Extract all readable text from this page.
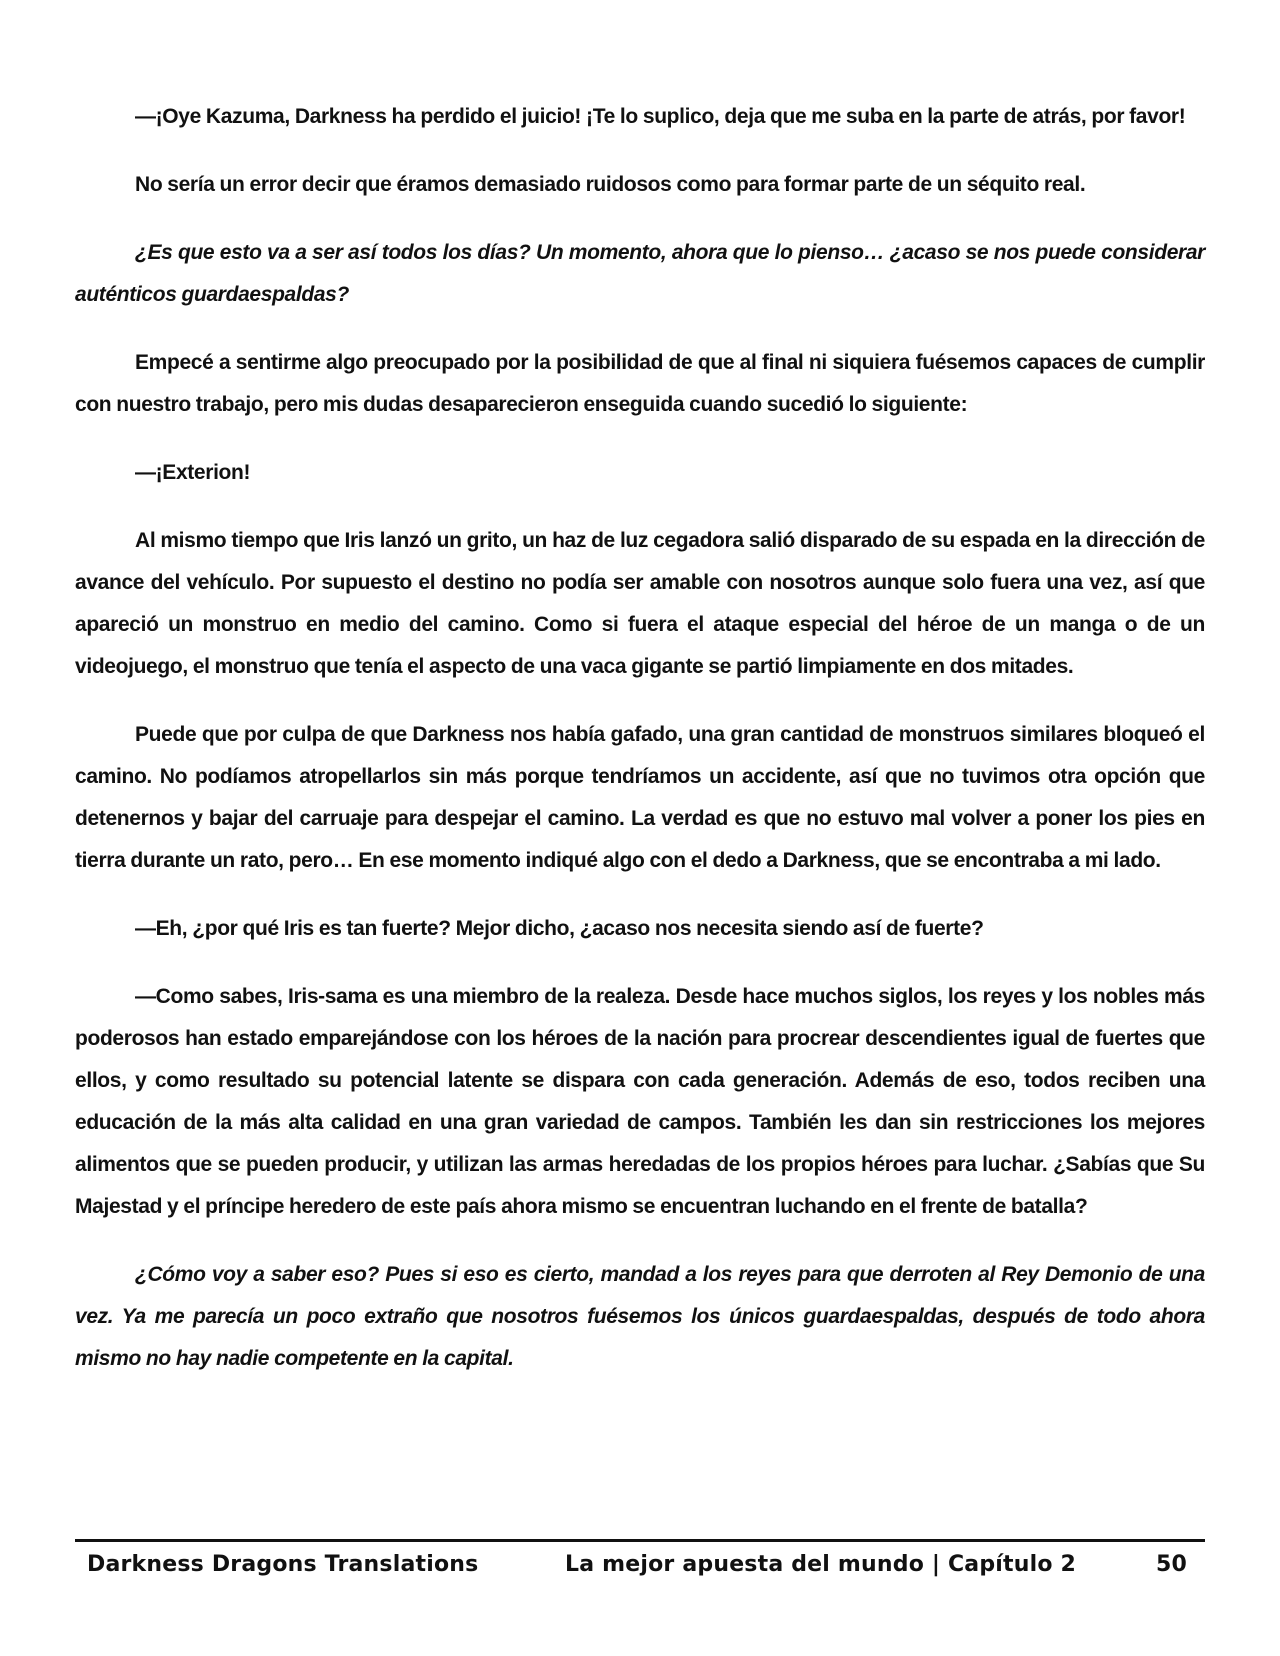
—¡Oye Kazuma, Darkness ha perdido el juicio! ¡Te lo suplico, deja que me suba en la parte de atrás, por favor!

No sería un error decir que éramos demasiado ruidosos como para formar parte de un séquito real.

¿Es que esto va a ser así todos los días? Un momento, ahora que lo pienso… ¿acaso se nos puede considerar auténticos guardaespaldas?

Empecé a sentirme algo preocupado por la posibilidad de que al final ni siquiera fuésemos capaces de cumplir con nuestro trabajo, pero mis dudas desaparecieron enseguida cuando sucedió lo siguiente:

—¡Exterion!

Al mismo tiempo que Iris lanzó un grito, un haz de luz cegadora salió disparado de su espada en la dirección de avance del vehículo. Por supuesto el destino no podía ser amable con nosotros aunque solo fuera una vez, así que apareció un monstruo en medio del camino. Como si fuera el ataque especial del héroe de un manga o de un videojuego, el monstruo que tenía el aspecto de una vaca gigante se partió limpiamente en dos mitades.

Puede que por culpa de que Darkness nos había gafado, una gran cantidad de monstruos similares bloqueó el camino. No podíamos atropellarlos sin más porque tendríamos un accidente, así que no tuvimos otra opción que detenernos y bajar del carruaje para despejar el camino. La verdad es que no estuvo mal volver a poner los pies en tierra durante un rato, pero… En ese momento indiqué algo con el dedo a Darkness, que se encontraba a mi lado.

—Eh, ¿por qué Iris es tan fuerte? Mejor dicho, ¿acaso nos necesita siendo así de fuerte?

—Como sabes, Iris-sama es una miembro de la realeza. Desde hace muchos siglos, los reyes y los nobles más poderosos han estado emparejándose con los héroes de la nación para procrear descendientes igual de fuertes que ellos, y como resultado su potencial latente se dispara con cada generación. Además de eso, todos reciben una educación de la más alta calidad en una gran variedad de campos. También les dan sin restricciones los mejores alimentos que se pueden producir, y utilizan las armas heredadas de los propios héroes para luchar. ¿Sabías que Su Majestad y el príncipe heredero de este país ahora mismo se encuentran luchando en el frente de batalla?

¿Cómo voy a saber eso? Pues si eso es cierto, mandad a los reyes para que derroten al Rey Demonio de una vez. Ya me parecía un poco extraño que nosotros fuésemos los únicos guardaespaldas, después de todo ahora mismo no hay nadie competente en la capital.

Darkness Dragons Translations	La mejor apuesta del mundo | Capítulo 2	50
